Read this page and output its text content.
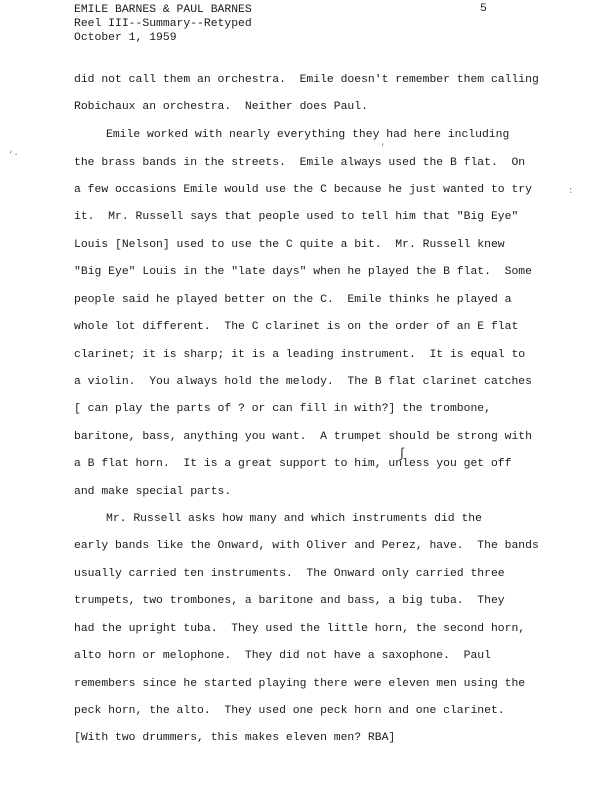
EMILE BARNES & PAUL BARNES
Reel III--Summary--Retyped
October 1, 1959
5
did not call them an orchestra.  Emile doesn't remember them calling
Robichaux an orchestra.  Neither does Paul.
Emile worked with nearly everything they had here including
the brass bands in the streets.  Emile always used the B flat.  On
a few occasions Emile would use the C because he just wanted to try
it.  Mr. Russell says that people used to tell him that "Big Eye"
Louis [Nelson] used to use the C quite a bit.  Mr. Russell knew
"Big Eye" Louis in the "late days" when he played the B flat.  Some
people said he played better on the C.  Emile thinks he played a
whole lot different.  The C clarinet is on the order of an E flat
clarinet; it is sharp; it is a leading instrument.  It is equal to
a violin.  You always hold the melody.  The B flat clarinet catches
[ can play the parts of ? or can fill in with?] the trombone,
baritone, bass, anything you want.  A trumpet should be strong with
a B flat horn.  It is a great support to him, unless you get off
and make special parts.
Mr. Russell asks how many and which instruments did the
early bands like the Onward, with Oliver and Perez, have.  The bands
usually carried ten instruments.  The Onward only carried three
trumpets, two trombones, a baritone and bass, a big tuba.  They
had the upright tuba.  They used the little horn, the second horn,
alto horn or melophone.  They did not have a saxophone.  Paul
remembers since he started playing there were eleven men using the
peck horn, the alto.  They used one peck horn and one clarinet.
[With two drummers, this makes eleven men? RBA]
‘·
:
’
∫
